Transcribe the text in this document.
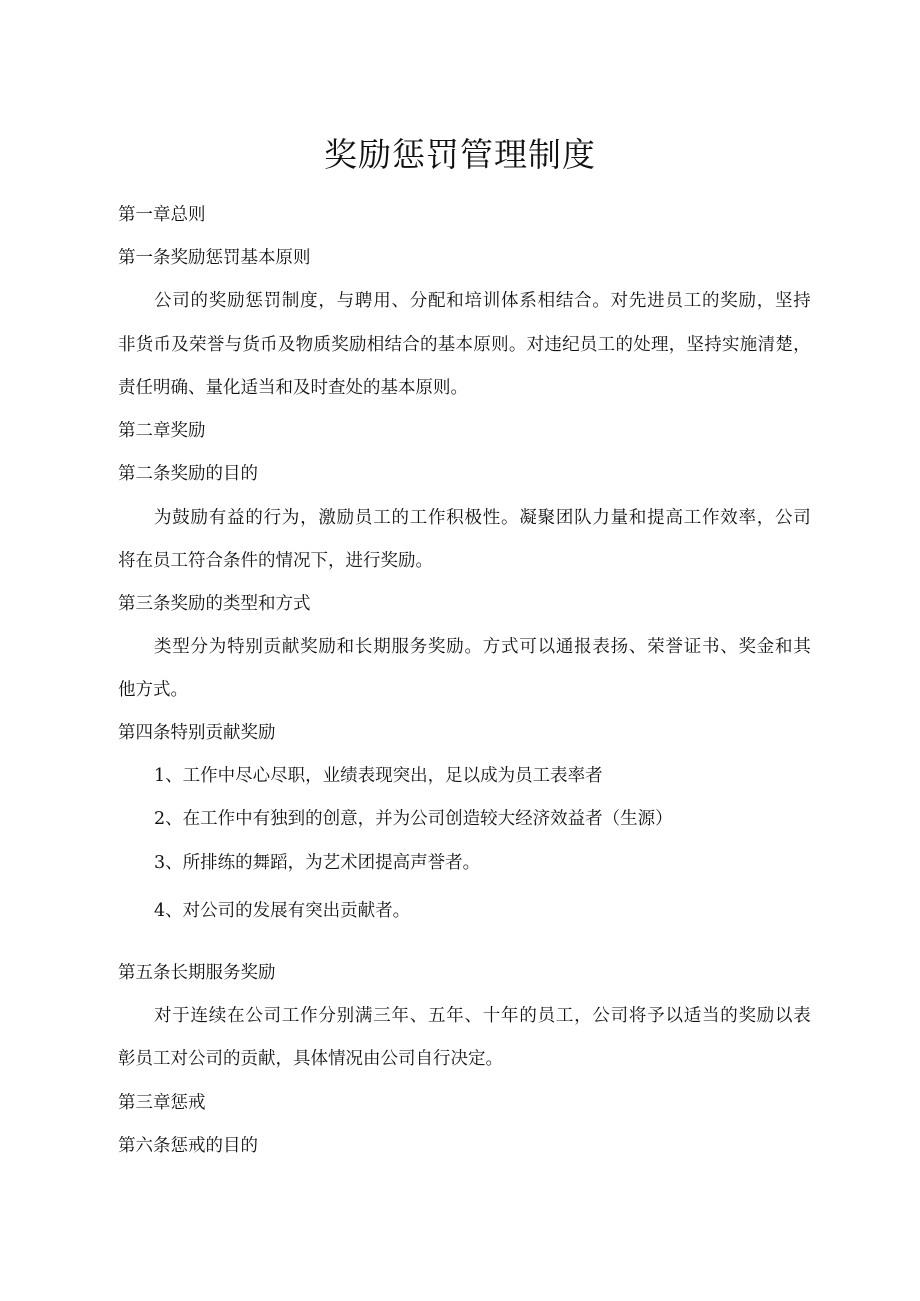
奖励惩罚管理制度
第一章总则
第一条奖励惩罚基本原则
公 司 的 奖 励 惩 罚 制 度 ， 与 聘 用 、 分 配 和 培 训 体 系 相 结 合 。 对 先 进 员 工 的 奖 励 ， 坚 持
非 货 币 及 荣 誉 与 货 币 及 物 质 奖 励 相 结 合 的 基 本 原 则 。 对 违 纪 员 工 的 处 理 ， 坚 持 实 施 清 楚 ，
责任明确、量化适当和及时查处的基本原则。
第二章奖励
第二条奖励的目的
为 鼓 励 有 益 的 行 为 ， 激 励 员 工 的 工 作 积 极 性 。 凝 聚 团 队 力 量 和 提 高 工 作 效 率 ， 公 司
将在员工符合条件的情况下，进行奖励。
第三条奖励的类型和方式
类 型 分 为 特 别 贡 献 奖 励 和 长 期 服 务 奖 励 。 方 式 可 以 通 报 表 扬 、 荣 誉 证 书 、 奖 金 和 其
他方式。
第四条特别贡献奖励
1、工作中尽心尽职，业绩表现突出，足以成为员工表率者
2、在工作中有独到的创意，并为公司创造较大经济效益者（生源）
3、所排练的舞蹈，为艺术团提高声誉者。
4、对公司的发展有突出贡献者。
第五条长期服务奖励
对 于 连 续 在 公 司 工 作 分 别 满 三 年 、 五 年 、 十 年 的 员 工 ， 公 司 将 予 以 适 当 的 奖 励 以 表
彰员工对公司的贡献，具体情况由公司自行决定。
第三章惩戒
第六条惩戒的目的
